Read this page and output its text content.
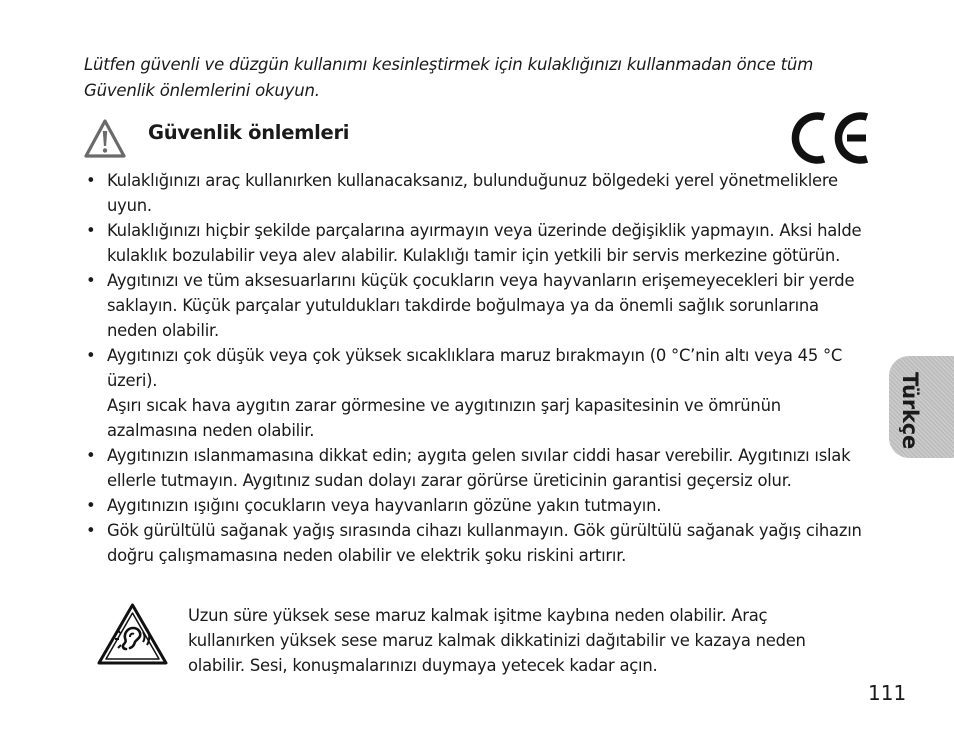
Lütfen güvenli ve düzgün kullanımı kesinleştirmek için kulaklığınızı kullanmadan önce tüm Güvenlik önlemlerini okuyun.
Güvenlik önlemleri
• Kulaklığınızı araç kullanırken kullanacaksanız, bulunduğunuz bölgedeki yerel yönetmeliklere uyun.
• Kulaklığınızı hiçbir şekilde parçalarına ayırmayın veya üzerinde değişiklik yapmayın. Aksi halde kulaklık bozulabilir veya alev alabilir. Kulaklığı tamir için yetkili bir servis merkezine götürün.
• Aygıtınızı ve tüm aksesuarlarını küçük çocukların veya hayvanların erişemeyecekleri bir yerde saklayın. Küçük parçalar yutuldukları takdirde boğulmaya ya da önemli sağlık sorunlarına neden olabilir.
• Aygıtınızı çok düşük veya çok yüksek sıcaklıklara maruz bırakmayın (0 °C’nin altı veya 45 °C üzeri).
Aşırı sıcak hava aygıtın zarar görmesine ve aygıtınızın şarj kapasitesinin ve ömrünün azalmasına neden olabilir.
• Aygıtınızın ıslanmamasına dikkat edin; aygıta gelen sıvılar ciddi hasar verebilir. Aygıtınızı ıslak ellerle tutmayın. Aygıtınız sudan dolayı zarar görürse üreticinin garantisi geçersiz olur.
• Aygıtınızın ışığını çocukların veya hayvanların gözüne yakın tutmayın.
• Gök gürültülü sağanak yağış sırasında cihazı kullanmayın. Gök gürültülü sağanak yağış cihazın doğru çalışmamasına neden olabilir ve elektrik şoku riskini artırır.
Uzun süre yüksek sese maruz kalmak işitme kaybına neden olabilir. Araç kullanırken yüksek sese maruz kalmak dikkatinizi dağıtabilir ve kazaya neden olabilir. Sesi, konuşmalarınızı duymaya yetecek kadar açın.
Türkçe
111
